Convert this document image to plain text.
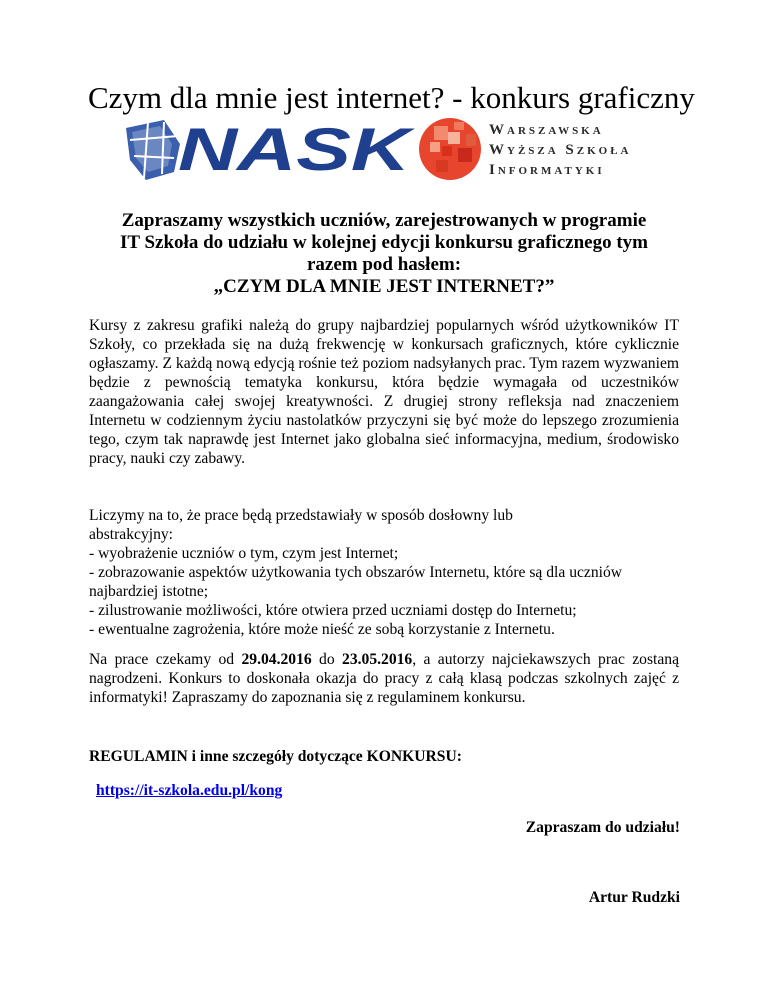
Czym dla mnie jest internet? - konkurs graficzny
NASK	Warszawska
Wyższa Szkoła
Informatyki
Zapraszamy wszystkich uczniów, zarejestrowanych w programie
IT Szkoła do udziału w kolejnej edycji konkursu graficznego tym
razem pod hasłem:
„CZYM DLA MNIE JEST INTERNET?”
Kursy z zakresu grafiki należą do grupy najbardziej popularnych wśród użytkowników IT Szkoły, co przekłada się na dużą frekwencję w konkursach graficznych, które cyklicznie ogłaszamy. Z każdą nową edycją rośnie też poziom nadsyłanych prac. Tym razem wyzwaniem będzie z pewnością tematyka konkursu, która będzie wymagała od uczestników zaangażowania całej swojej kreatywności. Z drugiej strony refleksja nad znaczeniem Internetu w codziennym życiu nastolatków przyczyni się być może do lepszego zrozumienia tego, czym tak naprawdę jest Internet jako globalna sieć informacyjna, medium, środowisko pracy, nauki czy zabawy.
Liczymy na to, że prace będą przedstawiały w sposób dosłowny lub
abstrakcyjny:
- wyobrażenie uczniów o tym, czym jest Internet;
- zobrazowanie aspektów użytkowania tych obszarów Internetu, które są dla uczniów najbardziej istotne;
- zilustrowanie możliwości, które otwiera przed uczniami dostęp do Internetu;
- ewentualne zagrożenia, które może nieść ze sobą korzystanie z Internetu.
Na prace czekamy od 29.04.2016 do 23.05.2016, a autorzy najciekawszych prac zostaną nagrodzeni. Konkurs to doskonała okazja do pracy z całą klasą podczas szkolnych zajęć z informatyki! Zapraszamy do zapoznania się z regulaminem konkursu.
REGULAMIN i inne szczegóły dotyczące KONKURSU:
https://it-szkola.edu.pl/kong
Zapraszam do udziału!
Artur Rudzki
